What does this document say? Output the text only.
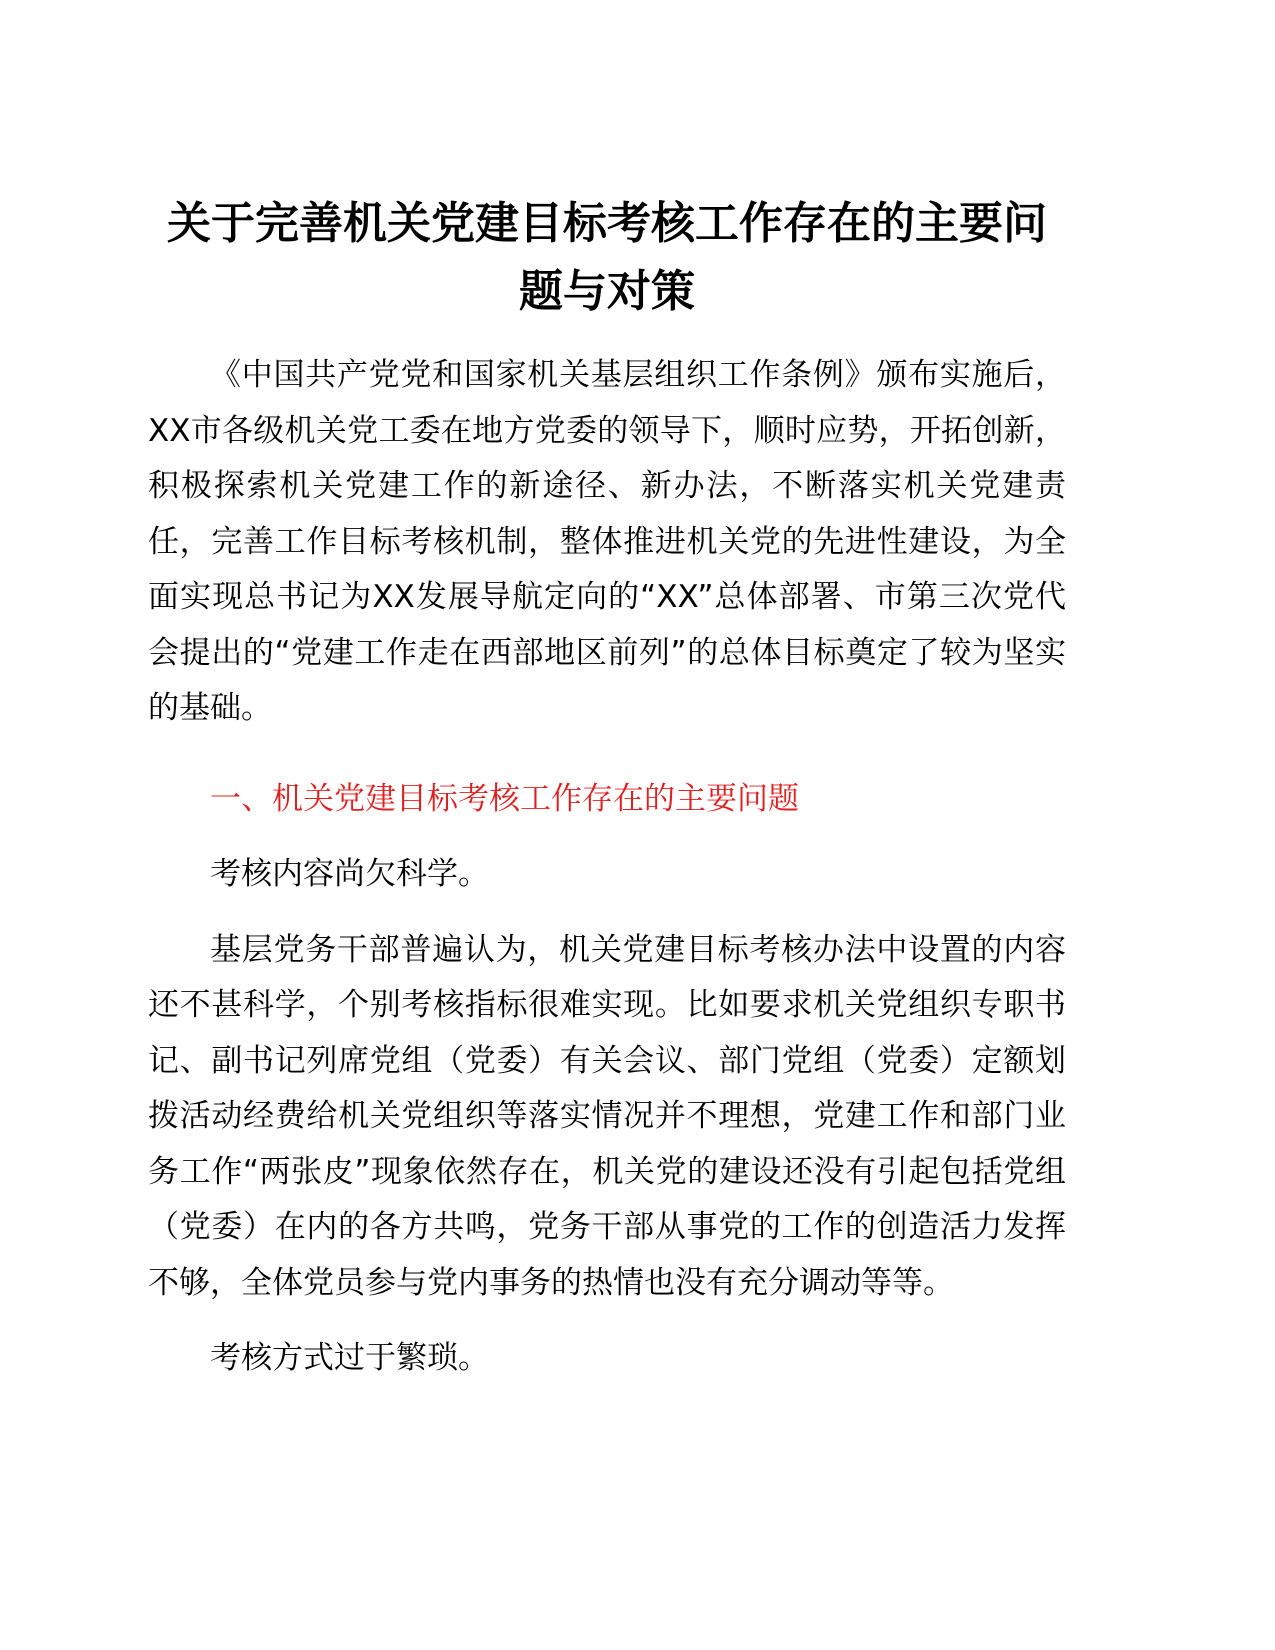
关于完善机关党建目标考核工作存在的主要问题与对策

《中国共产党党和国家机关基层组织工作条例》颁布实施后，XX市各级机关党工委在地方党委的领导下，顺时应势，开拓创新，积极探索机关党建工作的新途径、新办法，不断落实机关党建责任，完善工作目标考核机制，整体推进机关党的先进性建设，为全面实现总书记为XX发展导航定向的“XX”总体部署、市第三次党代会提出的“党建工作走在西部地区前列”的总体目标奠定了较为坚实的基础。

一、机关党建目标考核工作存在的主要问题

考核内容尚欠科学。

基层党务干部普遍认为，机关党建目标考核办法中设置的内容还不甚科学，个别考核指标很难实现。比如要求机关党组织专职书记、副书记列席党组（党委）有关会议、部门党组（党委）定额划拨活动经费给机关党组织等落实情况并不理想，党建工作和部门业务工作“两张皮”现象依然存在，机关党的建设还没有引起包括党组（党委）在内的各方共鸣，党务干部从事党的工作的创造活力发挥不够，全体党员参与党内事务的热情也没有充分调动等等。

考核方式过于繁琐。
